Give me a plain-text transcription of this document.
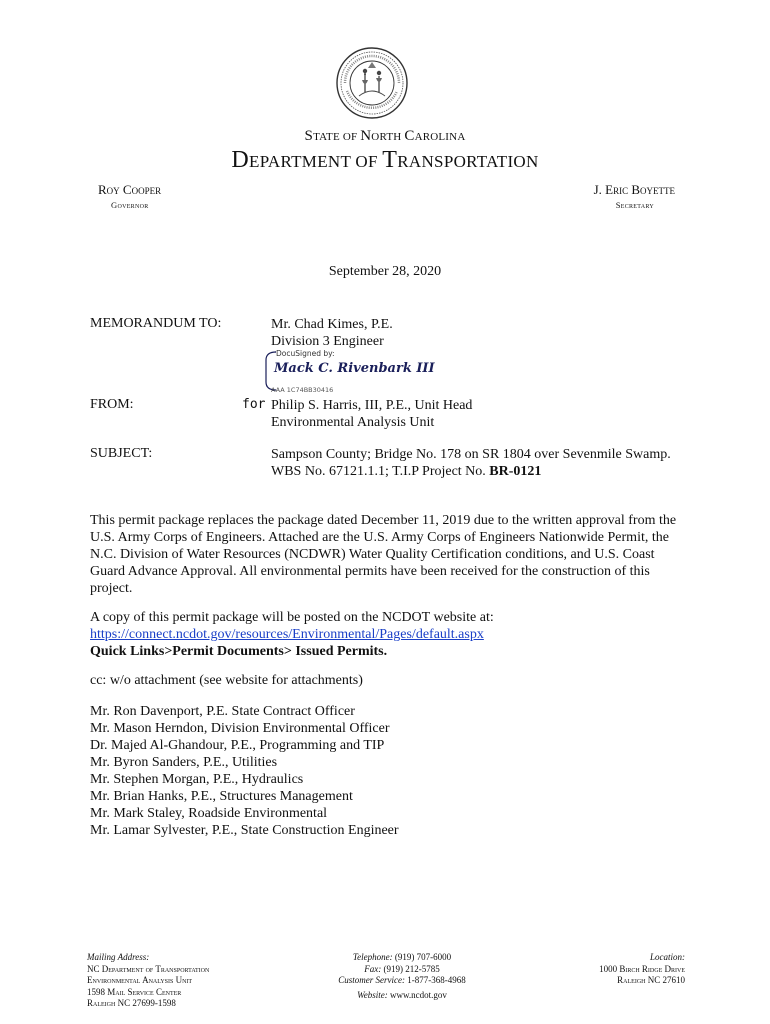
STATE OF NORTH CAROLINA
DEPARTMENT OF TRANSPORTATION
Roy Cooper
Governor
J. Eric Boyette
Secretary
September 28, 2020
MEMORANDUM TO:	Mr. Chad Kimes, P.E.
Division 3 Engineer
DocuSigned by:
Mack C. Rivenbark III
AAA 1C74BB30416
FROM:	for Philip S. Harris, III, P.E., Unit Head
Environmental Analysis Unit
SUBJECT:	Sampson County; Bridge No. 178 on SR 1804 over Sevenmile Swamp.
WBS No. 67121.1.1; T.I.P Project No. BR-0121
This permit package replaces the package dated December 11, 2019 due to the written approval from the
U.S. Army Corps of Engineers. Attached are the U.S. Army Corps of Engineers Nationwide Permit, the
N.C. Division of Water Resources (NCDWR) Water Quality Certification conditions, and U.S. Coast
Guard Advance Approval. All environmental permits have been received for the construction of this
project.
A copy of this permit package will be posted on the NCDOT website at:
https://connect.ncdot.gov/resources/Environmental/Pages/default.aspx
Quick Links>Permit Documents> Issued Permits.
cc: w/o attachment (see website for attachments)
Mr. Ron Davenport, P.E. State Contract Officer
Mr. Mason Herndon, Division Environmental Officer
Dr. Majed Al-Ghandour, P.E., Programming and TIP
Mr. Byron Sanders, P.E., Utilities
Mr. Stephen Morgan, P.E., Hydraulics
Mr. Brian Hanks, P.E., Structures Management
Mr. Mark Staley, Roadside Environmental
Mr. Lamar Sylvester, P.E., State Construction Engineer
Mailing Address:
NC Department of Transportation
Environmental Analysis Unit
1598 Mail Service Center
Raleigh NC 27699-1598
Telephone: (919) 707-6000
Fax: (919) 212-5785
Customer Service: 1-877-368-4968
Website: www.ncdot.gov
Location:
1000 Birch Ridge Drive
Raleigh NC 27610
